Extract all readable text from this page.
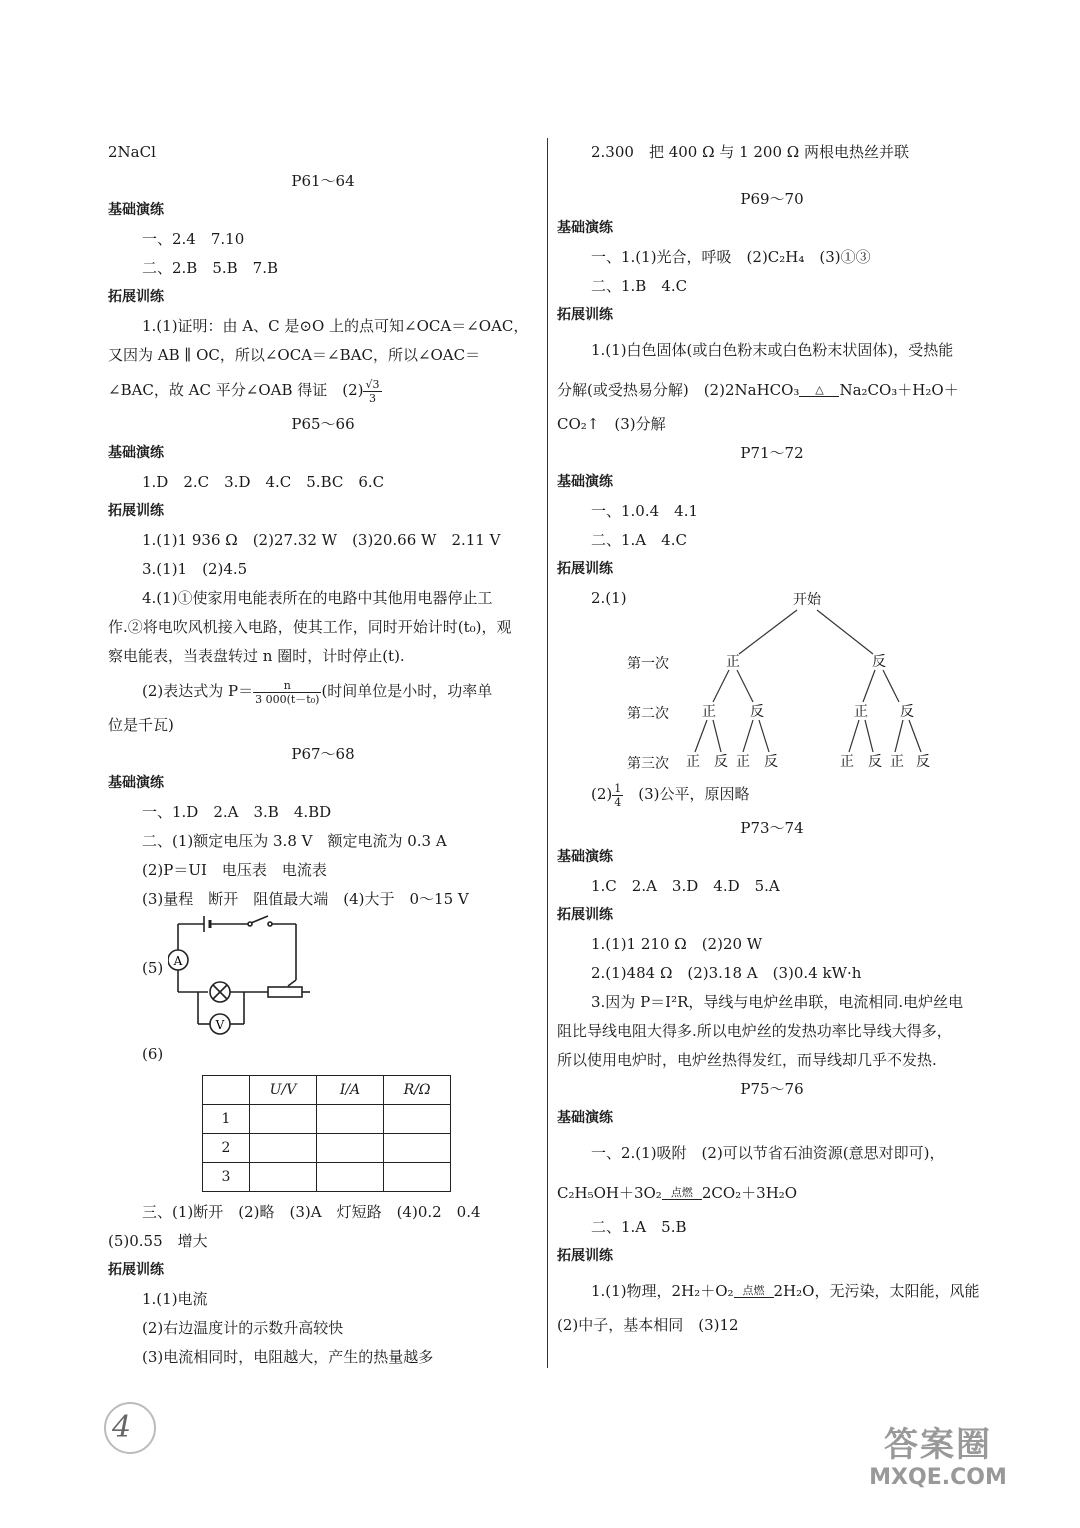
2NaCl
P61～64
基础演练
一、2.4　7.10
二、2.B　5.B　7.B
拓展训练
1.(1)证明：由 A、C 是⊙O 上的点可知∠OCA＝∠OAC，
又因为 AB ∥ OC，所以∠OCA＝∠BAC，所以∠OAC＝
∠BAC，故 AC 平分∠OAB 得证　$(2) \frac{√3}{3}$
P65～66
基础演练
1.D　2.C　3.D　4.C　5.BC　6.C
拓展训练
1.(1)1 936 Ω　(2)27.32 W　(3)20.66 W　2.11 V
3.(1)1　(2)4.5
4.(1)①使家用电能表所在的电路中其他用电器停止工
作.②将电吹风机接入电路，使其工作，同时开始计时(t₀)，观
察电能表，当表盘转过 n 圈时，计时停止(t).
(2)表达式为 $P= \frac{n}{\text{3 000(t－t₀)}}$ (时间单位是小时，功率单
位是千瓦)
P67～68
基础演练
一、1.D　2.A　3.B　4.BD
二、(1)额定电压为 3.8 V　额定电流为 0.3 A
(2)P＝UI　电压表　电流表
(3)量程　断开　阻值最大端　(4)大于　0～15 V
(5) A
V
(6)
	U/V	I/A	R/Ω
1			
2			
3			
三、(1)断开　(2)略　(3)A　灯短路　(4)0.2　0.4
(5)0.55　增大
拓展训练
1.(1)电流
(2)右边温度计的示数升高较快
(3)电流相同时，电阻越大，产生的热量越多
2.300　把 400 Ω 与 1 200 Ω 两根电热丝并联
P69～70
基础演练
一、1.(1)光合，呼吸　(2)C₂H₄　(3)①③
二、1.B　4.C
拓展训练
1.(1)白色固体(或白色粉末或白色粉末状固体)，受热能
分解(或受热易分解)　(2)2NaHCO₃	△	Na₂CO₃＋H₂O＋
CO₂↑　(3)分解
P71～72
基础演练
一、1.0.4　4.1
二、1.A　4.C
拓展训练
2.(1)	开始
第一次	正	反
第二次 正 反	正 反
第三次 正 反 正 反	正 反 正 反
$(2) \frac{1}{4}$
　 (3)公平，原因略
P73～74
基础演练
1.C　2.A　3.D　4.D　5.A
拓展训练
1.(1)1 210 Ω　(2)20 W
2.(1)484 Ω　(2)3.18 A　(3)0.4 kW·h
3.因为 P＝I²R，导线与电炉丝串联，电流相同.电炉丝电
阻比导线电阻大得多.所以电炉丝的发热功率比导线大得多，
所以使用电炉时，电炉丝热得发红，而导线却几乎不发热.
P75～76
基础演练
一、2.(1)吸附　(2)可以节省石油资源(意思对即可)，
C₂H₅OH＋3O₂ 点燃 2CO₂＋3H₂O
二、1.A　5.B
拓展训练
1.(1)物理，2H₂＋O₂ 点燃 2H₂O，无污染，太阳能，风能
(2)中子，基本相同　(3)12
4	答案圈
MXQE.COM
